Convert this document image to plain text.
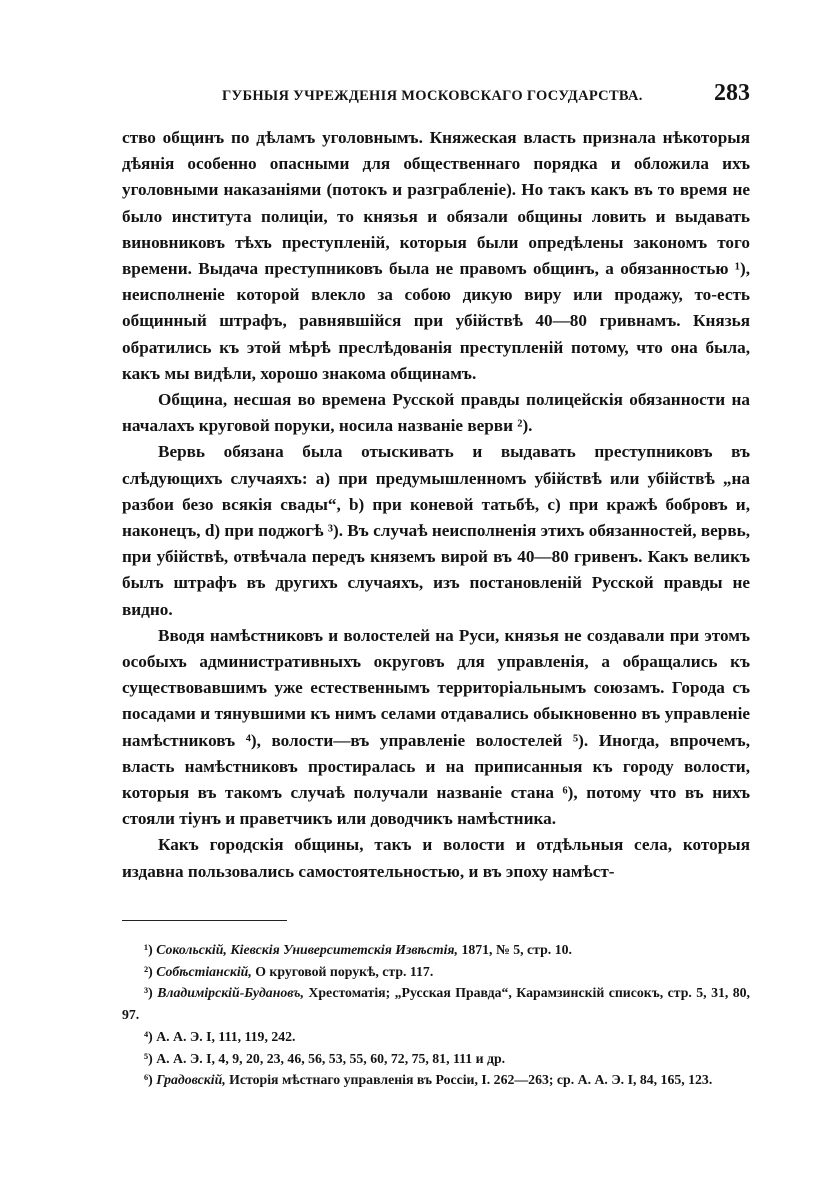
ГУБНЫЯ УЧРЕЖДЕНІЯ МОСКОВСКАГО ГОСУДАРСТВА.	283

ство общинъ по дѣламъ уголовнымъ. Княжеская власть признала нѣкоторыя дѣянія особенно опасными для общественнаго порядка и обложила ихъ уголовными наказаніями (потокъ и разграбленіе). Но такъ какъ въ то время не было института полиціи, то князья и обязали общины ловить и выдавать виновниковъ тѣхъ преступленій, которыя были опредѣлены закономъ того времени. Выдача преступниковъ была не правомъ общинъ, а обязанностью ¹), неисполненіе которой влекло за собою дикую виру или продажу, то-есть общинный штрафъ, равнявшійся при убійствѣ 40—80 гривнамъ. Князья обратились къ этой мѣрѣ преслѣдованія преступленій потому, что она была, какъ мы видѣли, хорошо знакома общинамъ.

Община, несшая во времена Русской правды полицейскія обязанности на началахъ круговой поруки, носила названіе верви ²).

Вервь обязана была отыскивать и выдавать преступниковъ въ слѣдующихъ случаяхъ: a) при предумышленномъ убійствѣ или убійствѣ „на разбои безо всякія свады“, b) при коневой татьбѣ, c) при кражѣ бобровъ и, наконецъ, d) при поджогѣ ³). Въ случаѣ неисполненія этихъ обязанностей, вервь, при убійствѣ, отвѣчала передъ княземъ вирой въ 40—80 гривенъ. Какъ великъ былъ штрафъ въ другихъ случаяхъ, изъ постановленій Русской правды не видно.

Вводя намѣстниковъ и волостелей на Руси, князья не создавали при этомъ особыхъ административныхъ округовъ для управленія, а обращались къ существовавшимъ уже естественнымъ территоріальнымъ союзамъ. Города съ посадами и тянувшими къ нимъ селами отдавались обыкновенно въ управленіе намѣстниковъ ⁴), волости—въ управленіе волостелей ⁵). Иногда, впрочемъ, власть намѣстниковъ простиралась и на приписанныя къ городу волости, которыя въ такомъ случаѣ получали названіе стана ⁶), потому что въ нихъ стояли тіунъ и праветчикъ или доводчикъ намѣстника.

Какъ городскія общины, такъ и волости и отдѣльныя села, которыя издавна пользовались самостоятельностью, и въ эпоху намѣст-

¹) Сокольскій, Кіевскія Университетскія Извѣстія, 1871, № 5, стр. 10.

²) Собѣстіанскій, О круговой порукѣ, стр. 117.

³) Владимірскій-Будановъ, Хрестоматія; „Русская Правда“, Карамзинскій списокъ, стр. 5, 31, 80, 97.

⁴) А. А. Э. I, 111, 119, 242.

⁵) А. А. Э. I, 4, 9, 20, 23, 46, 56, 53, 55, 60, 72, 75, 81, 111 и др.

⁶) Градовскій, Исторія мѣстнаго управленія въ Россіи, I. 262—263; ср. А. А. Э. I, 84, 165, 123.
